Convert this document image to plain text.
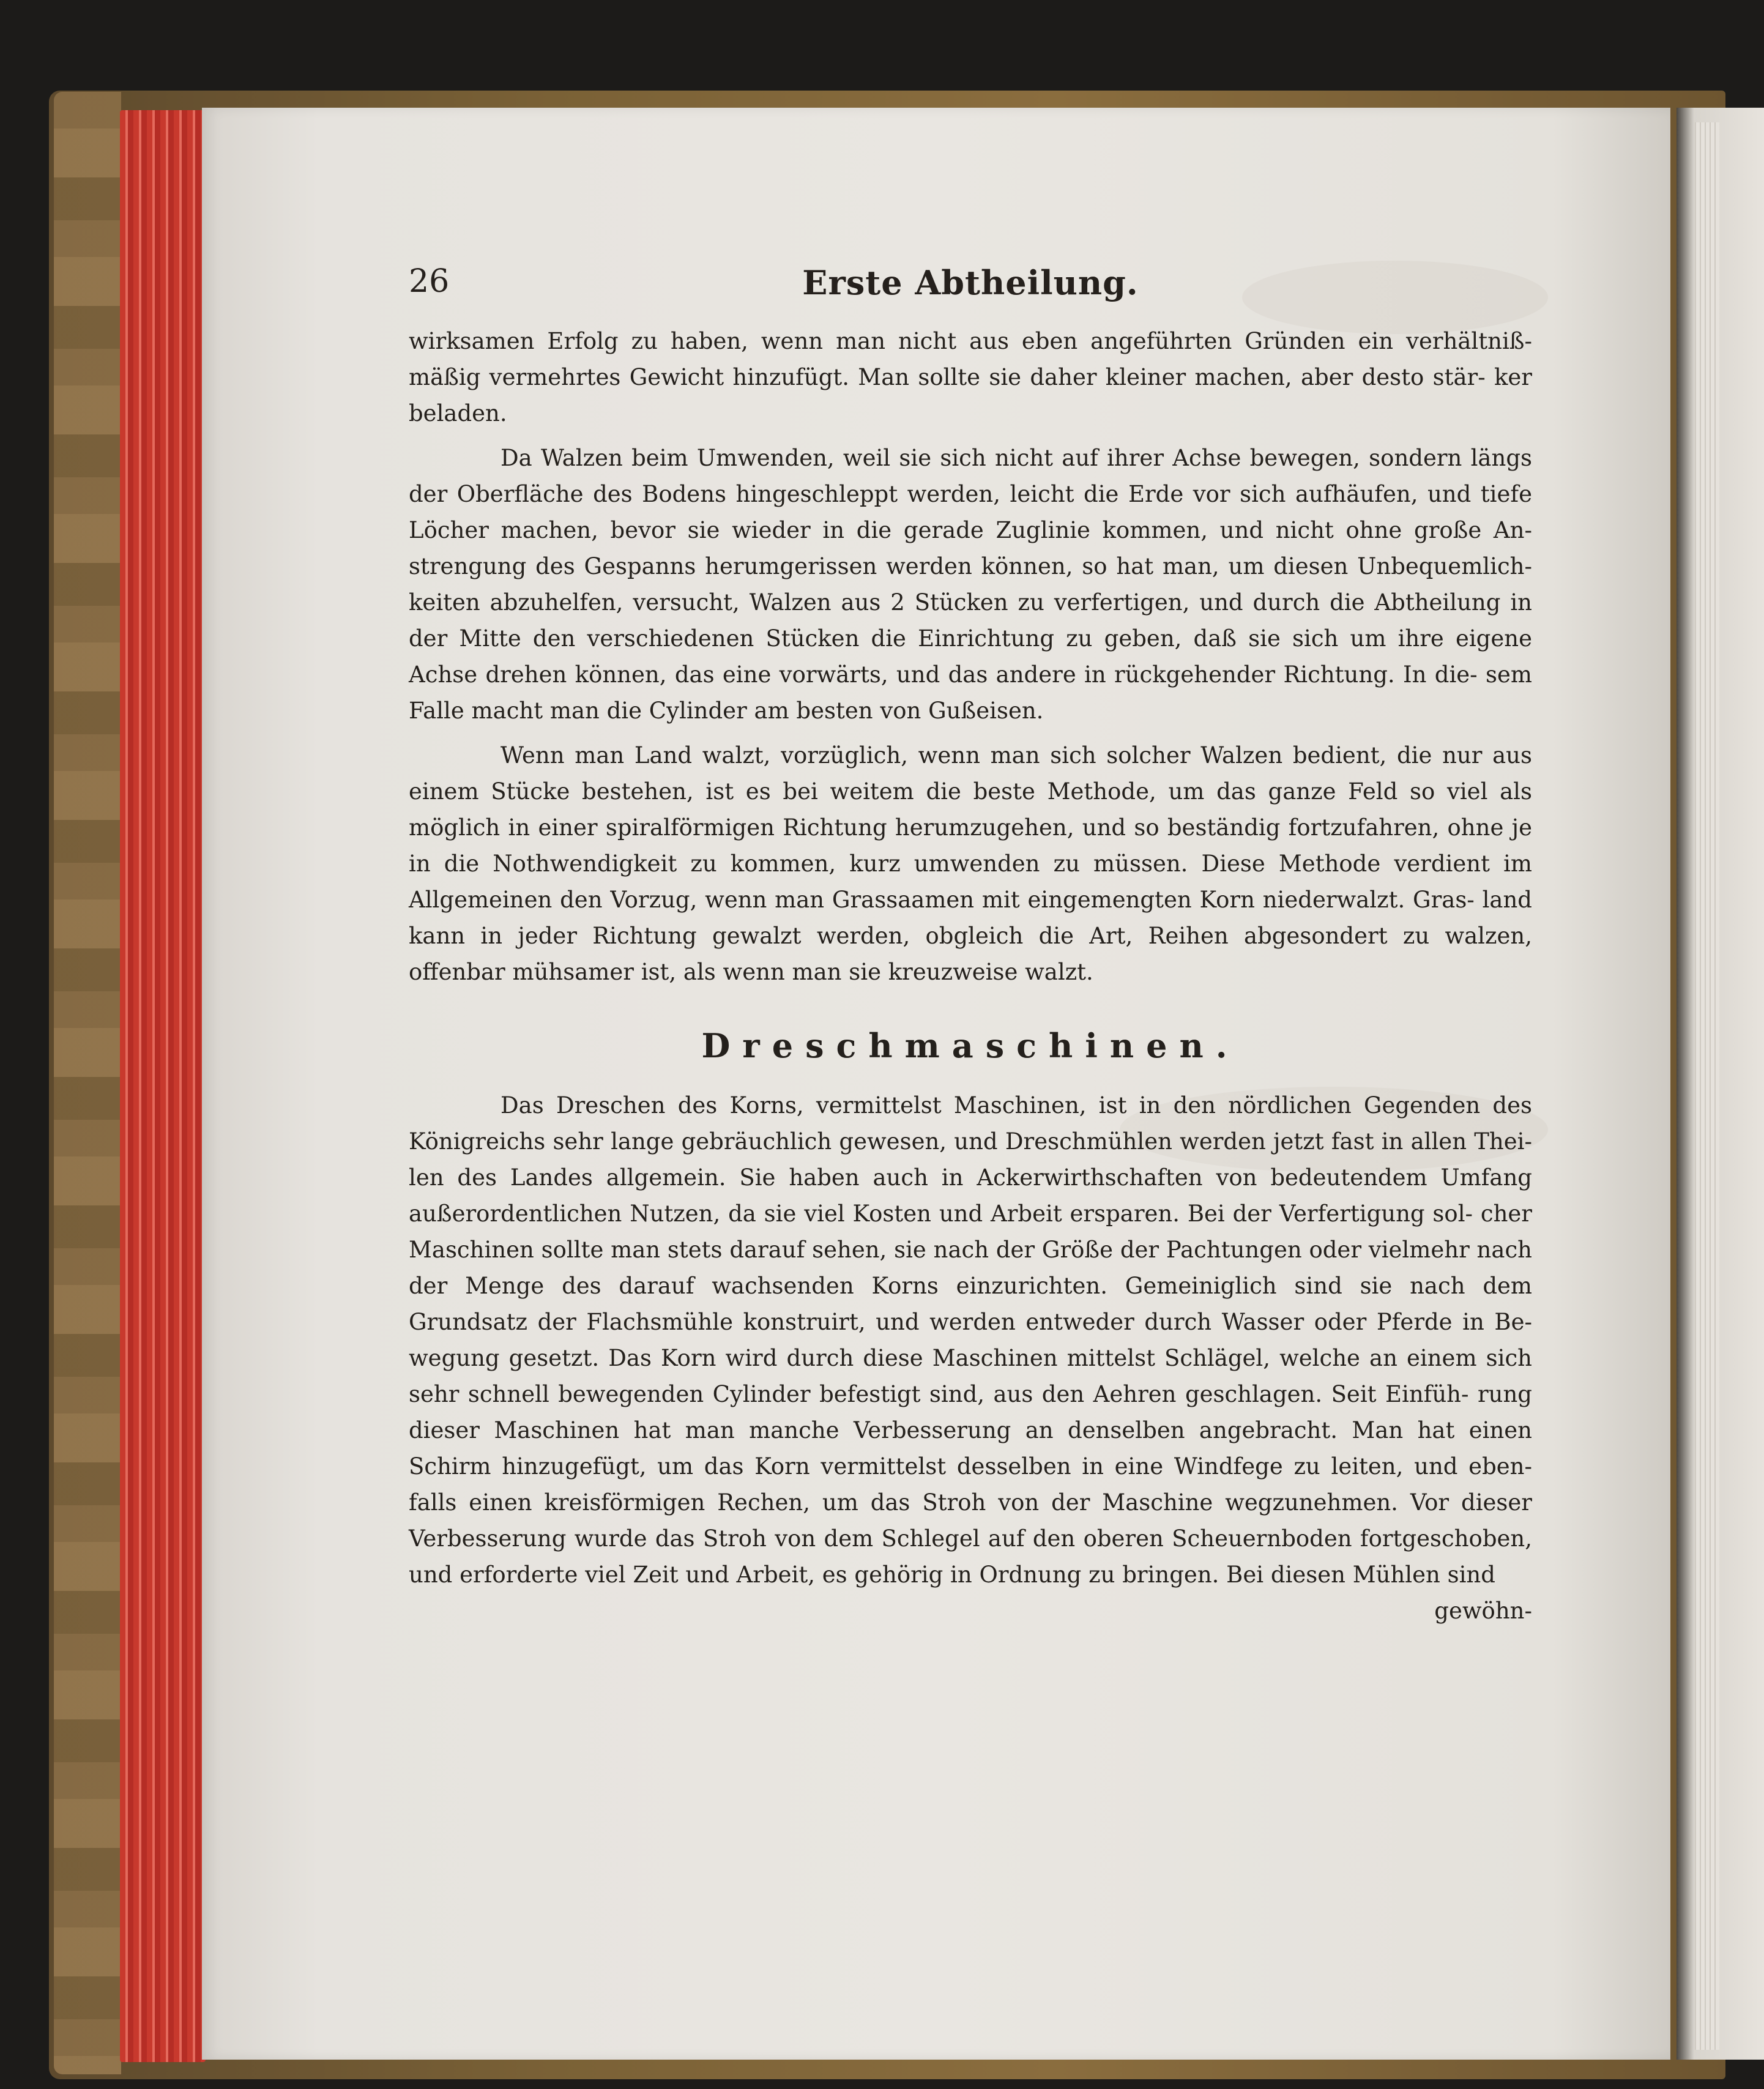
26	Erste Abtheilung.

wirksamen Erfolg zu haben, wenn man nicht aus eben angeführten Gründen ein verhältniß- mäßig vermehrtes Gewicht hinzufügt. Man sollte sie daher kleiner machen, aber desto stär- ker beladen.

Da Walzen beim Umwenden, weil sie sich nicht auf ihrer Achse bewegen, sondern längs der Oberfläche des Bodens hingeschleppt werden, leicht die Erde vor sich aufhäufen, und tiefe Löcher machen, bevor sie wieder in die gerade Zuglinie kommen, und nicht ohne große An- strengung des Gespanns herumgerissen werden können, so hat man, um diesen Unbequemlich- keiten abzuhelfen, versucht, Walzen aus 2 Stücken zu verfertigen, und durch die Abtheilung in der Mitte den verschiedenen Stücken die Einrichtung zu geben, daß sie sich um ihre eigene Achse drehen können, das eine vorwärts, und das andere in rückgehender Richtung. In die- sem Falle macht man die Cylinder am besten von Gußeisen.

Wenn man Land walzt, vorzüglich, wenn man sich solcher Walzen bedient, die nur aus einem Stücke bestehen, ist es bei weitem die beste Methode, um das ganze Feld so viel als möglich in einer spiralförmigen Richtung herumzugehen, und so beständig fortzufahren, ohne je in die Nothwendigkeit zu kommen, kurz umwenden zu müssen. Diese Methode verdient im Allgemeinen den Vorzug, wenn man Grassaamen mit eingemengten Korn niederwalzt. Gras- land kann in jeder Richtung gewalzt werden, obgleich die Art, Reihen abgesondert zu walzen, offenbar mühsamer ist, als wenn man sie kreuzweise walzt.

Dreschmaschinen.

Das Dreschen des Korns, vermittelst Maschinen, ist in den nördlichen Gegenden des Königreichs sehr lange gebräuchlich gewesen, und Dreschmühlen werden jetzt fast in allen Thei- len des Landes allgemein. Sie haben auch in Ackerwirthschaften von bedeutendem Umfang außerordentlichen Nutzen, da sie viel Kosten und Arbeit ersparen. Bei der Verfertigung sol- cher Maschinen sollte man stets darauf sehen, sie nach der Größe der Pachtungen oder vielmehr nach der Menge des darauf wachsenden Korns einzurichten. Gemeiniglich sind sie nach dem Grundsatz der Flachsmühle konstruirt, und werden entweder durch Wasser oder Pferde in Be- wegung gesetzt. Das Korn wird durch diese Maschinen mittelst Schlägel, welche an einem sich sehr schnell bewegenden Cylinder befestigt sind, aus den Aehren geschlagen. Seit Einfüh- rung dieser Maschinen hat man manche Verbesserung an denselben angebracht. Man hat einen Schirm hinzugefügt, um das Korn vermittelst desselben in eine Windfege zu leiten, und eben- falls einen kreisförmigen Rechen, um das Stroh von der Maschine wegzunehmen. Vor dieser Verbesserung wurde das Stroh von dem Schlegel auf den oberen Scheuernboden fortgeschoben, und erforderte viel Zeit und Arbeit, es gehörig in Ordnung zu bringen. Bei diesen Mühlen sind

gewöhn-
